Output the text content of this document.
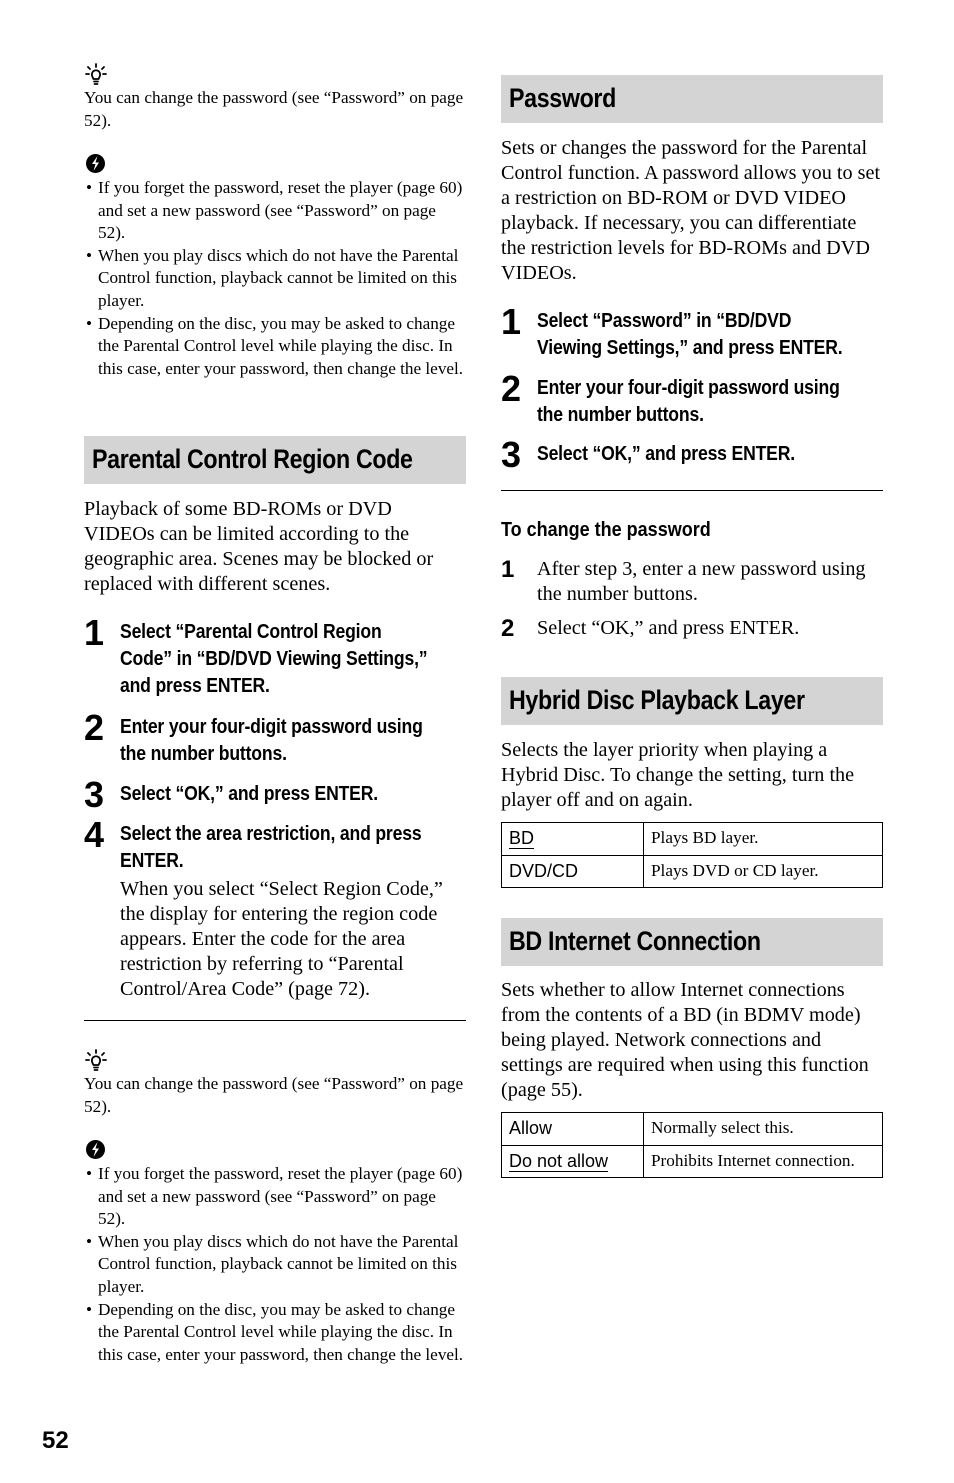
You can change the password (see “Password” on page 52).
• If you forget the password, reset the player (page 60) and set a new password (see “Password” on page 52).
• When you play discs which do not have the Parental Control function, playback cannot be limited on this player.
• Depending on the disc, you may be asked to change the Parental Control level while playing the disc. In this case, enter your password, then change the level.
Parental Control Region Code
Playback of some BD-ROMs or DVD VIDEOs can be limited according to the geographic area. Scenes may be blocked or replaced with different scenes.
1 Select “Parental Control Region
Code” in “BD/DVD Viewing Settings,”
and press ENTER.
2 Enter your four-digit password using
the number buttons.
3 Select “OK,” and press ENTER.
4 Select the area restriction, and press
ENTER.
When you select “Select Region Code,” the display for entering the region code appears. Enter the code for the area restriction by referring to “Parental Control/Area Code” (page 72).
You can change the password (see “Password” on page 52).
• If you forget the password, reset the player (page 60) and set a new password (see “Password” on page 52).
• When you play discs which do not have the Parental Control function, playback cannot be limited on this player.
• Depending on the disc, you may be asked to change the Parental Control level while playing the disc. In this case, enter your password, then change the level.
Password
Sets or changes the password for the Parental Control function. A password allows you to set a restriction on BD-ROM or DVD VIDEO playback. If necessary, you can differentiate the restriction levels for BD-ROMs and DVD VIDEOs.
1 Select “Password” in “BD/DVD
Viewing Settings,” and press ENTER.
2 Enter your four-digit password using
the number buttons.
3 Select “OK,” and press ENTER.
To change the password
1 After step 3, enter a new password using the number buttons.
2 Select “OK,” and press ENTER.
Hybrid Disc Playback Layer
Selects the layer priority when playing a Hybrid Disc. To change the setting, turn the player off and on again.
BD	Plays BD layer.
DVD/CD	Plays DVD or CD layer.
BD Internet Connection
Sets whether to allow Internet connections from the contents of a BD (in BDMV mode) being played. Network connections and settings are required when using this function (page 55).
Allow	Normally select this.
Do not allow	Prohibits Internet connection.
52
